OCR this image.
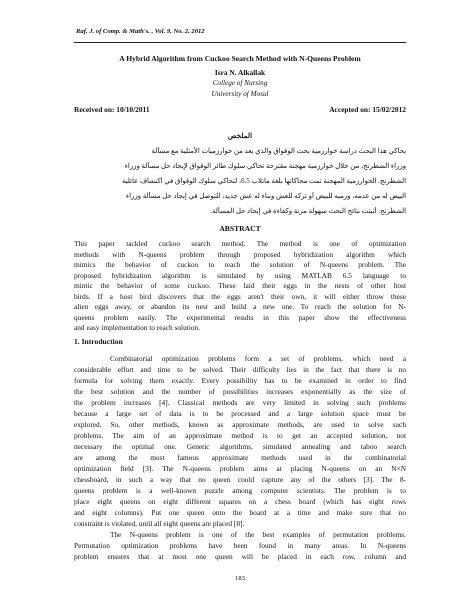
Raf. J. of Comp. & Math's. , Vol. 9, No. 2, 2012
A Hybrid Algorithm from Cuckoo Search Method with N-Queens Problem
Isra N. Alkallak
College of Nursing
University of Mosul
Received on: 10/10/2011	Accepted on: 15/02/2012
الملخص
يحاكي هذا البحث دراسة خوارزمية بحث الوقواق والذي يعد من خوارزميات الأمثلية مع مسألة
وزراء الشطرنج، من خلال خوارزمية مهجنة مقترحة تحاكي سلوك طائر الوقواق لإيجاد حل مسألة وزراء
الشطرنج. الخوارزمية المهجنة تمت محاكاتها بلغة ماتلاب 6.5، لتحاكي سلوك الوقواق في اكتشاف عائلية
البيض له من عدمه، ورميه للبيض أو تركه للعش وبناء له عش جديد، للتوصل في إيجاد حل مسألة وزراء
الشطرنج. أثبتت نتائج البحث سهولة مرنة وكفاءة في إيجاد حل المسألة.
ABSTRACT
This paper tackled cuckoo search method. The method is one of optimization
methods with N-queens problem through proposed hybridization algorithm which
mimics the behavior of cuckoo to reach the solution of N-queens problem. The
proposed hybridization algorithm is simulated by using MATLAB 6.5 language to
mimic the behavior of some cuckoo. These laid their eggs in the nests of other host
birds. If a host bird discovers that the eggs aren't their own, it will either throw these
alien eggs away, or abandon its nest and build a new one. To reach the solution for N-
queens problem easily. The experimental results in this paper show the effectiveness
and easy implementation to reach solution.
1. Introduction
Combinatorial optimization problems form a set of problems, which need a
considerable effort and time to be solved. Their difficulty lies in the fact that there is no
formula for solving them exactly. Every possibility has to be examined in order to find
the best solution and the number of possibilities increases exponentially as the size of
the problem increases [4]. Classical methods are very limited in solving such problems
because a large set of data is to be processed and a large solution space must be
explored. So, other methods, known as approximate methods, are used to solve such
problems. The aim of an approximate method is to get an accepted solution, not
necessary the optimal one. Genetic algorithms, simulated annealing and taboo search
are among the most famous approximate methods used in the combinatorial
optimization field [3]. The N-queens problem aims at placing N-queens on an N×N
chessboard, in such a way that no queen could capture any of the others [3]. The 8-
queens problem is a well-known puzzle among computer scientists. The problem is to
place eight queens on eight different squares on a chess board (which has eight rows
and eight columns). Put one queen onto the board at a time and make sure that no
constraint is violated, until all eight queens are placed [8].
The N-queens problem is one of the best examples of permutation problems.
Permutation optimization problems have been found in many areas. In N-queens
problem ensures that at most one queen will be placed in each row, column and
183
